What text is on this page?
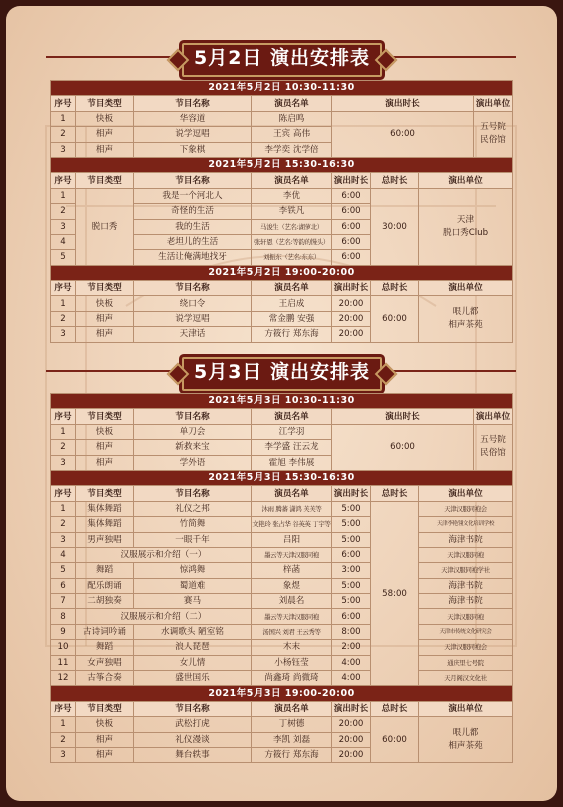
5月2日 演出安排表
2021年5月2日 10:30-11:30							
序号	节目类型	节目名称	演员名单	演出时长			演出单位
1	快板	华容道	陈启鸣	60:00			五号院
民俗馆
2	相声	说学逗唱	王宾 高伟				
3	相声	下象棋	李学奕 沈学倍				
2021年5月2日 15:30-16:30							
序号	节目类型	节目名称	演员名单	演出时长	总时长	演出单位	
1	脱口秀	我是一个河北人	李优	6:00	30:00	天津
脱口秀Club	
2		奇怪的生活	李铁凡	6:00			
3		我的生活	马浚生（艺名:湖萝北）	6:00			
4		老坦儿的生活	张轩恩（艺名:等韵的馒头）	6:00			
5		生活让俺满地找牙	刘振东（艺名:东东）	6:00			
2021年5月2日 19:00-20:00							
序号	节目类型	节目名称	演员名单	演出时长	总时长	演出单位	
1	快板	绕口令	王启成	20:00	60:00	哏儿都
相声茶苑	
2	相声	说学逗唱	常金鹏 安强	20:00			
3	相声	天津话	方筱行 郑东海	20:00			
5月3日 演出安排表
2021年5月3日 10:30-11:30							
序号	节目类型	节目名称	演员名单	演出时长			演出单位
1	快板	单刀会	江学羽	60:00			五号院
民俗馆
2	相声	新救来宝	李学盛 汪云龙				
3	相声	学外语	霍旭 李伟展				
2021年5月3日 15:30-16:30							
序号	节目类型	节目名称	演员名单	演出时长	总时长	演出单位	
1	集体舞蹈	礼仪之邦	沐雨 腾蕃 潇鸿 芙芙等	5:00	58:00	天津汉服同袍会	
2	集体舞蹈	竹简舞	文艳玲 张占华 谷英英 丁宇等	5:00		天津李艳翎文化培训学校	
3	男声独唱	一眼千年	吕阳	5:00		海津书院	
4	汉服展示和介绍（一）		墨云等天津汉服同袍	6:00		天津汉服同袍	
5	舞蹈	惊鸿舞	梓菡	3:00		天津汉服同袍学社	
6	配乐朗诵	蜀道难	象煜	5:00		海津书院	
7	二胡独奏	赛马	刘晨名	5:00		海津书院	
8	汉服展示和介绍（二）		墨云等天津汉服同袍	6:00		天津汉服同袍	
9	古诗词吟诵	水调歌头 陋室铭	汤国兴 刘君 王云秀等	8:00		天津市传统文化研究会	
10	舞蹈	浪人琵琶	木末	2:00		天津汉服同袍会	
11	女声独唱	女儿情	小杨钰莹	4:00		通庆里七号院	
12	古筝合奏	盛世国乐	尚鑫琦 尚微琦	4:00		天月阁汉文化社	
2021年5月3日 19:00-20:00							
序号	节目类型	节目名称	演员名单	演出时长	总时长	演出单位	
1	快板	武松打虎	丁树德	20:00	60:00	哏儿都
相声茶苑	
2	相声	礼仪漫谈	李凯 刘磊	20:00			
3	相声	舞台轶事	方筱行 郑东海	20:00			
